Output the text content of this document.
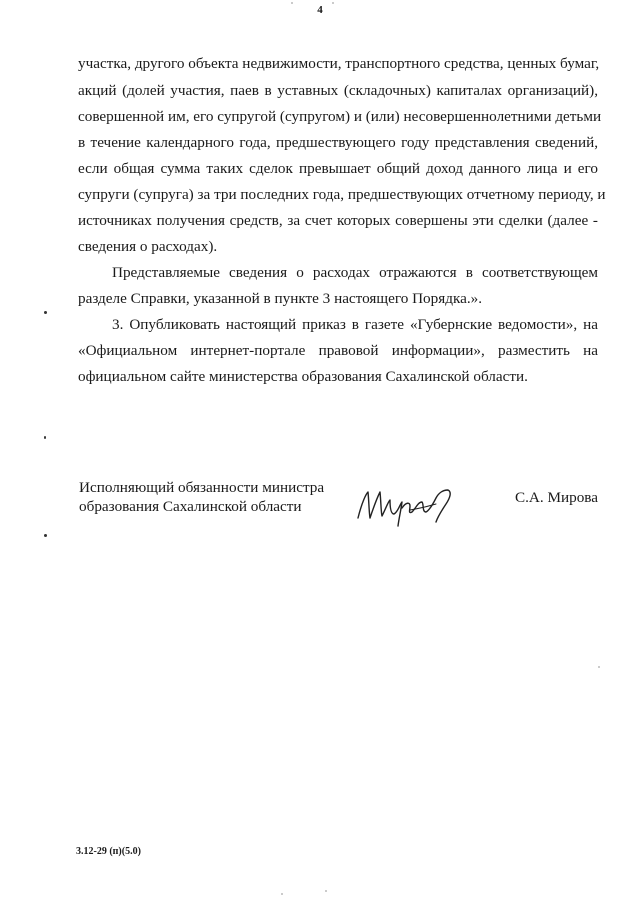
4
участка, другого объекта недвижимости, транспортного средства, ценных бумаг,
акций (долей участия, паев в уставных (складочных) капиталах организаций),
совершенной им, его супругой (супругом) и (или) несовершеннолетними детьми
в течение календарного года, предшествующего году представления сведений,
если общая сумма таких сделок превышает общий доход данного лица и его
супруги (супруга) за три последних года, предшествующих отчетному периоду, и
источниках получения средств, за счет которых совершены эти сделки (далее -
сведения о расходах).
Представляемые сведения о расходах отражаются в соответствующем
разделе Справки, указанной в пункте 3 настоящего Порядка.».
3. Опубликовать настоящий приказ в газете «Губернские ведомости», на
«Официальном интернет-портале правовой информации», разместить на
официальном сайте министерства образования Сахалинской области.
Исполняющий обязанности министра
образования Сахалинской области
С.А. Мирова
3.12-29 (п)(5.0)
